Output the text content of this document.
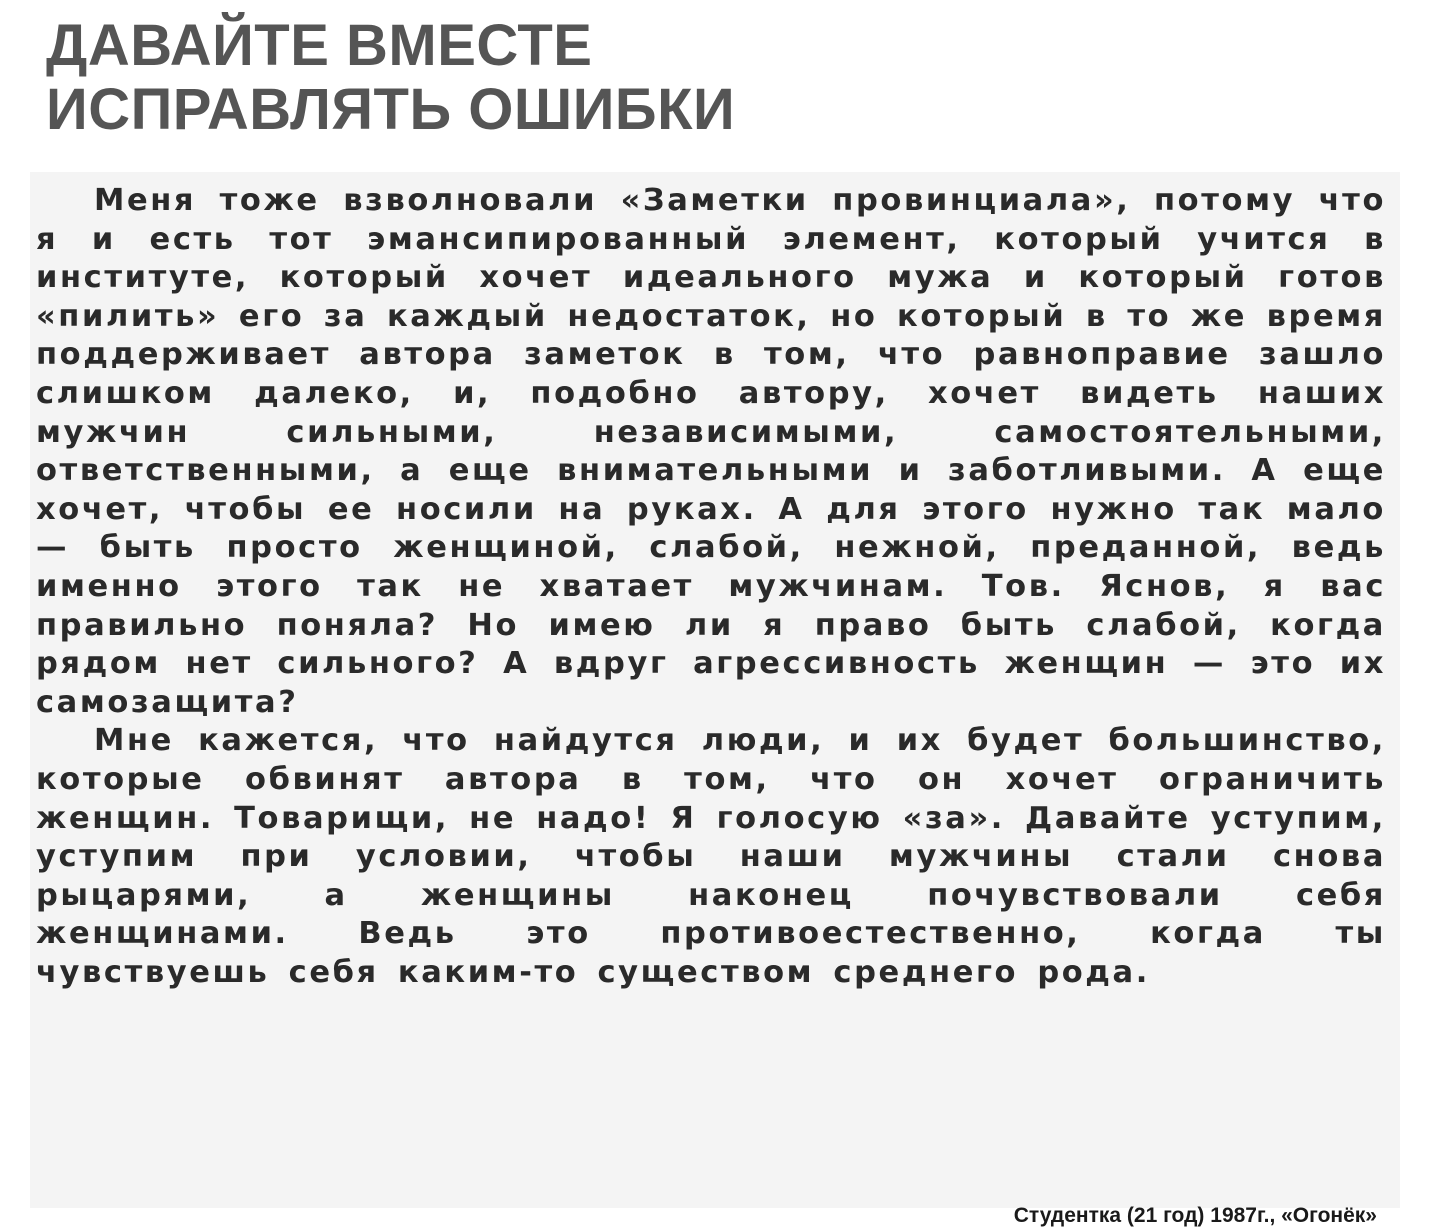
ДАВАЙТЕ ВМЕСТЕ
ИСПРАВЛЯТЬ ОШИБКИ

Меня тоже взволновали «Заметки провинциала», потому что я и есть тот эмансипированный элемент, который учится в институте, который хочет идеального мужа и который готов «пилить» его за каждый недостаток, но который в то же время поддерживает автора заметок в том, что равноправие зашло слишком далеко, и, подобно автору, хочет видеть наших мужчин сильными, независимыми, самостоятельными, ответственными, а еще внимательными и заботливыми. А еще хочет, чтобы ее носили на руках. А для этого нужно так мало — быть просто женщиной, слабой, нежной, преданной, ведь именно этого так не хватает мужчинам. Тов. Яснов, я вас правильно поняла? Но имею ли я право быть слабой, когда рядом нет сильного? А вдруг агрессивность женщин — это их самозащита?

Мне кажется, что найдутся люди, и их будет большинство, которые обвинят автора в том, что он хочет ограничить женщин. Товарищи, не надо! Я голосую «за». Давайте уступим, уступим при условии, чтобы наши мужчины стали снова рыцарями, а женщины наконец почувствовали себя женщинами. Ведь это противоестественно, когда ты чувствуешь себя каким-то существом среднего рода.

Студентка (21 год) 1987г., «Огонёк»
